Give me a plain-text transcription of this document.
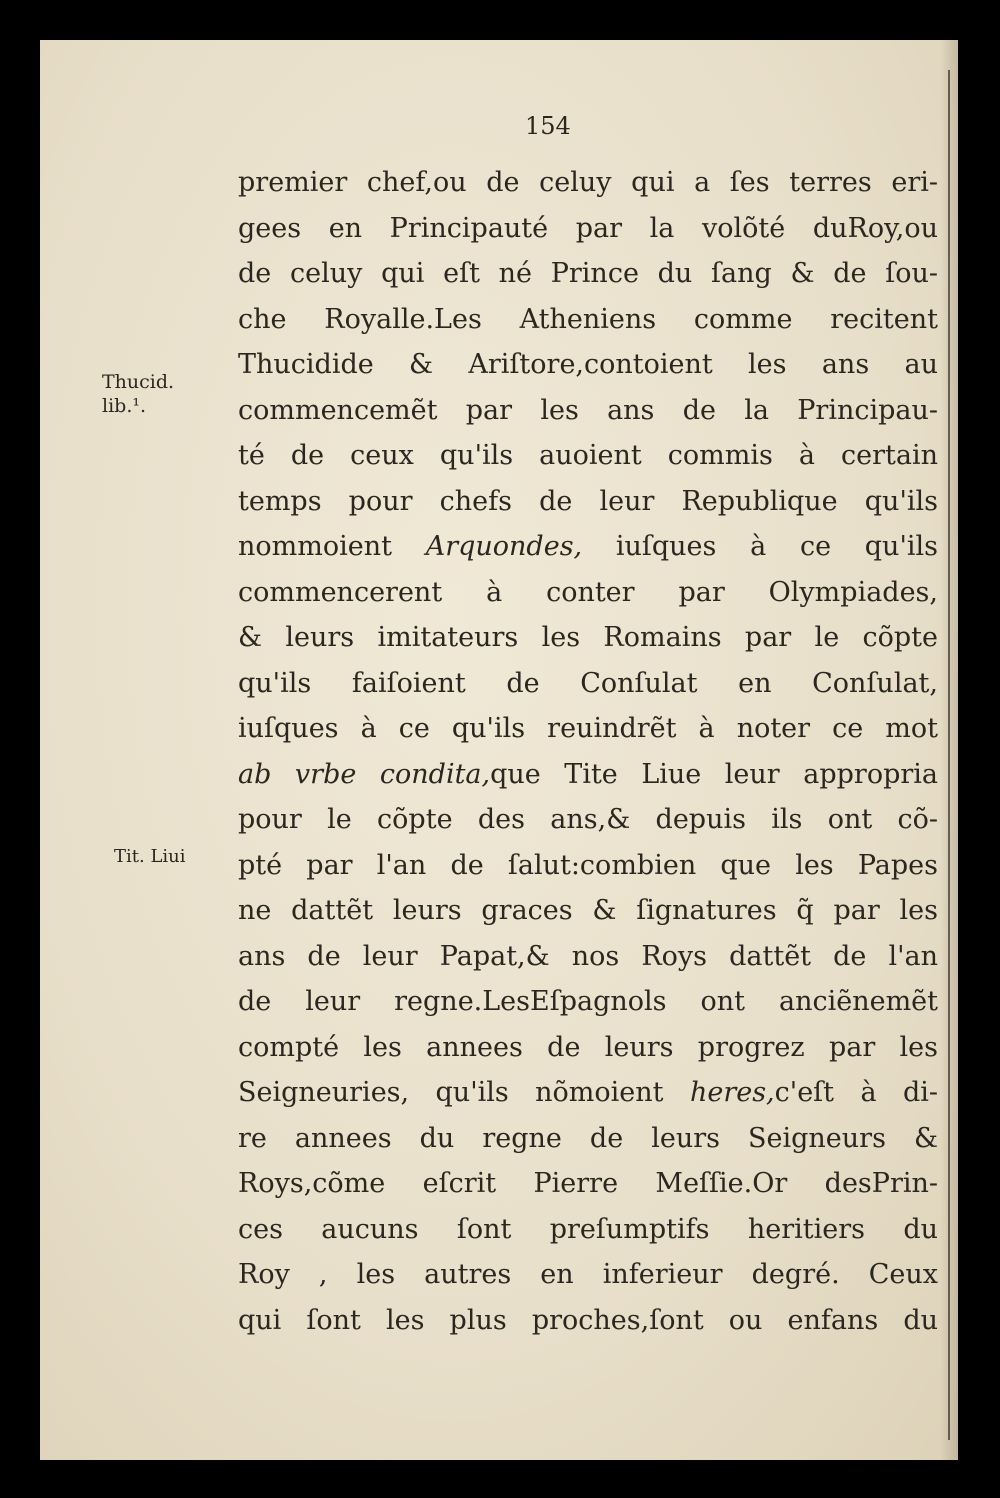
154

Thucid.
lib.¹.
Tit. Liui
premier chef,ou de celuy qui a ſes terres eri-
gees en Principauté par la volõté duRoy,ou
de celuy qui eſt né Prince du ſang & de ſou-
che Royalle.Les Atheniens comme recitent
Thucidide & Ariſtore,contoient les ans au
commencemẽt par les ans de la Principau-
té de ceux qu'ils auoient commis à certain
temps pour chefs de leur Republique qu'ils
nommoient Arquondes, iuſques à ce qu'ils
commencerent à conter par Olympiades,
& leurs imitateurs les Romains par le cõpte
qu'ils faiſoient de Conſulat en Conſulat,
iuſques à ce qu'ils reuindrẽt à noter ce mot
ab vrbe condita,que Tite Liue leur appropria
pour le cõpte des ans,& depuis ils ont cõ-
pté par l'an de ſalut:combien que les Papes
ne dattẽt leurs graces & ſignatures q̃ par les
ans de leur Papat,& nos Roys dattẽt de l'an
de leur regne.LesEſpagnols ont anciẽnemẽt
compté les annees de leurs progrez par les
Seigneuries, qu'ils nõmoient heres,c'eſt à di-
re annees du regne de leurs Seigneurs &
Roys,cõme eſcrit Pierre Meſſie.Or desPrin-
ces aucuns ſont preſumptifs heritiers du
Roy , les autres en inferieur degré. Ceux
qui ſont les plus proches,ſont ou enfans du
